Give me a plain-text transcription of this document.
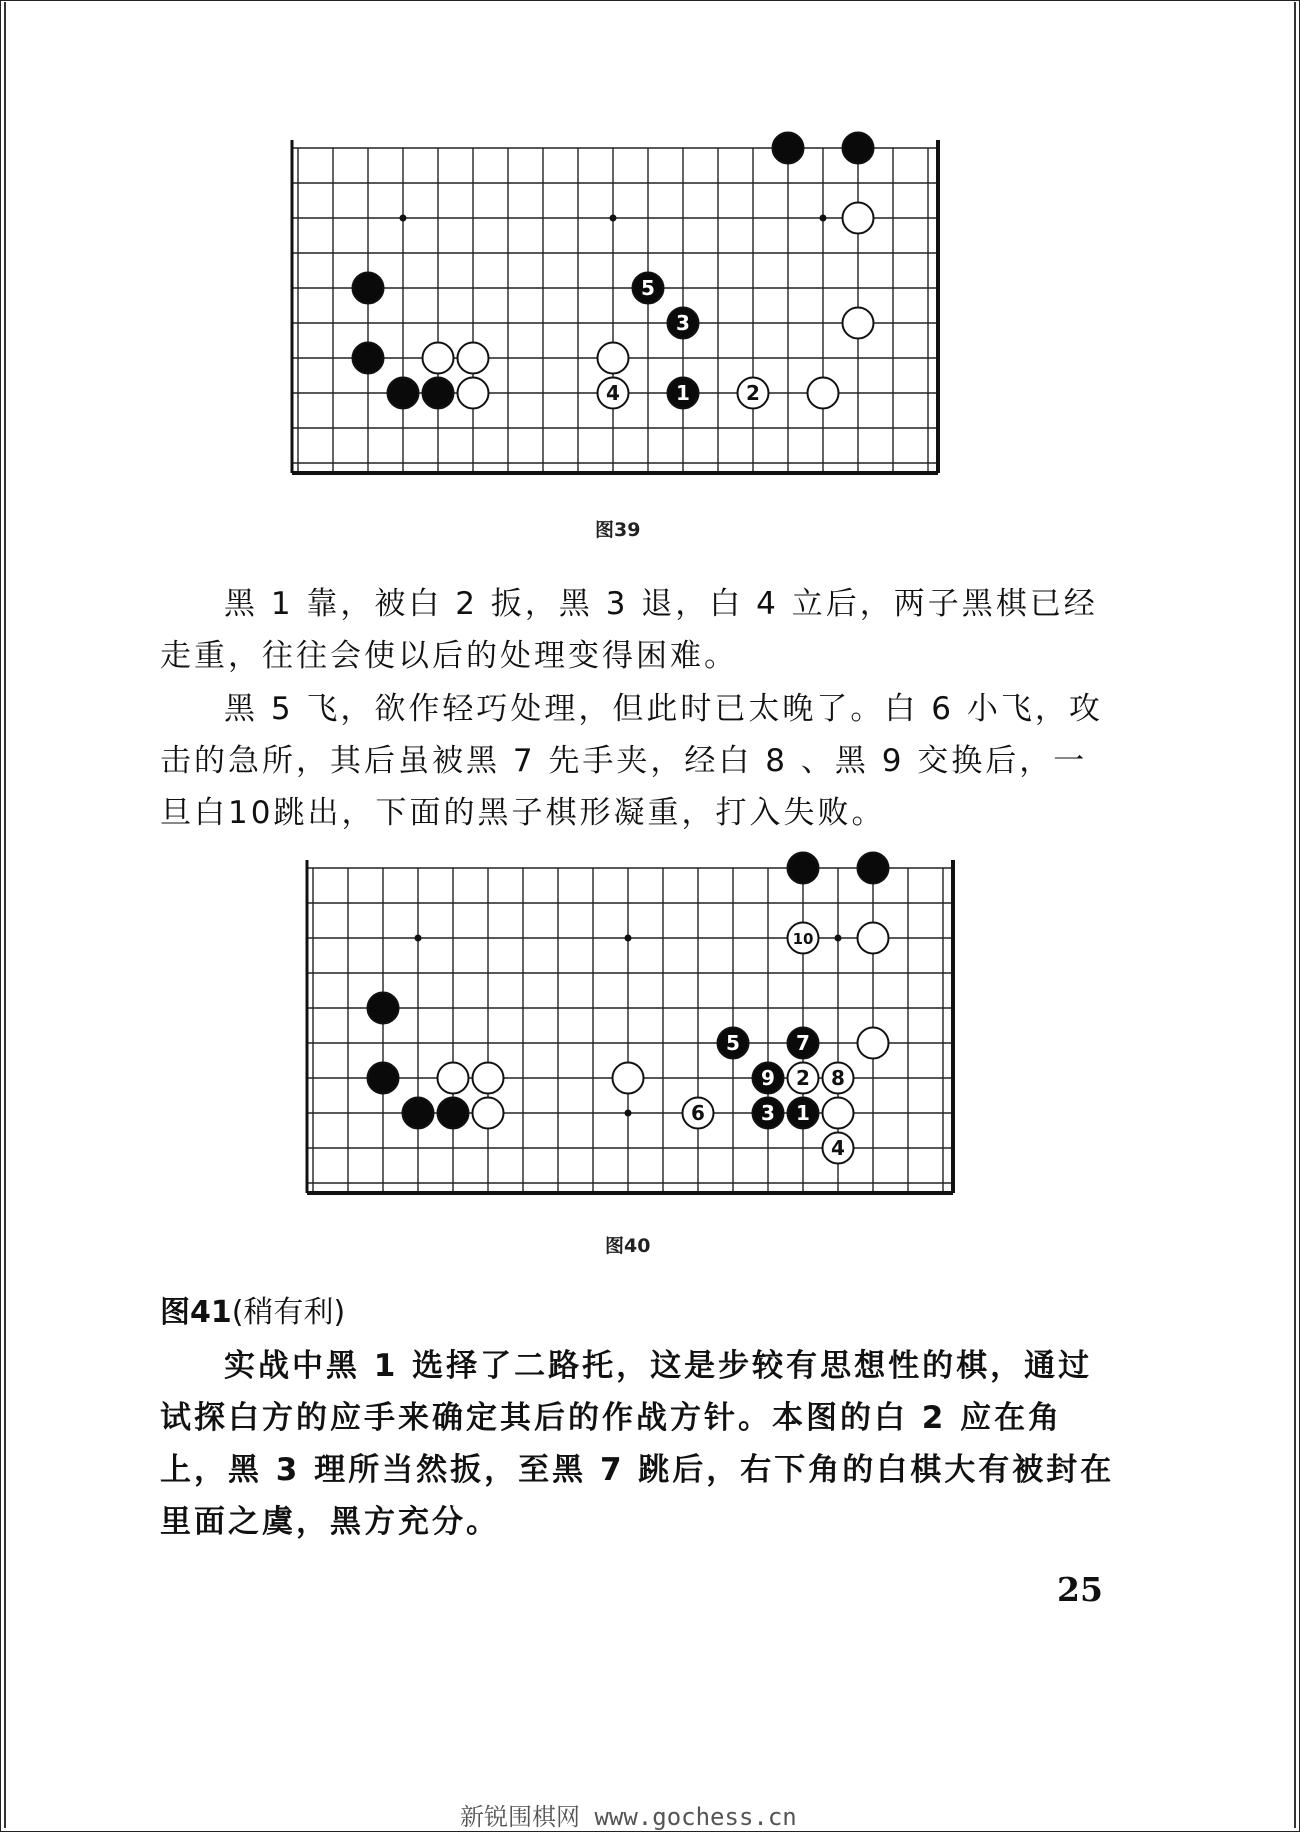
5
3
4	1	2
图39
黑 1 靠，被白 2 扳，黑 3 退，白 4 立后，两子黑棋已经走重，往往会使以后的处理变得困难。
黑 5 飞，欲作轻巧处理，但此时已太晚了。白 6 小飞，攻击的急所，其后虽被黑 7 先手夹，经白 8 、黑 9 交换后，一旦白10跳出，下面的黑子棋形凝重，打入失败。
10
5	7
9 2 8
6	3 1
4
图40
图41(稍有利)
实战中黑 1 选择了二路托，这是步较有思想性的棋，通过试探白方的应手来确定其后的作战方针。本图的白 2 应在角上，黑 3 理所当然扳，至黑 7 跳后，右下角的白棋大有被封在里面之虞，黑方充分。
25
新锐围棋网 www.gochess.cn
